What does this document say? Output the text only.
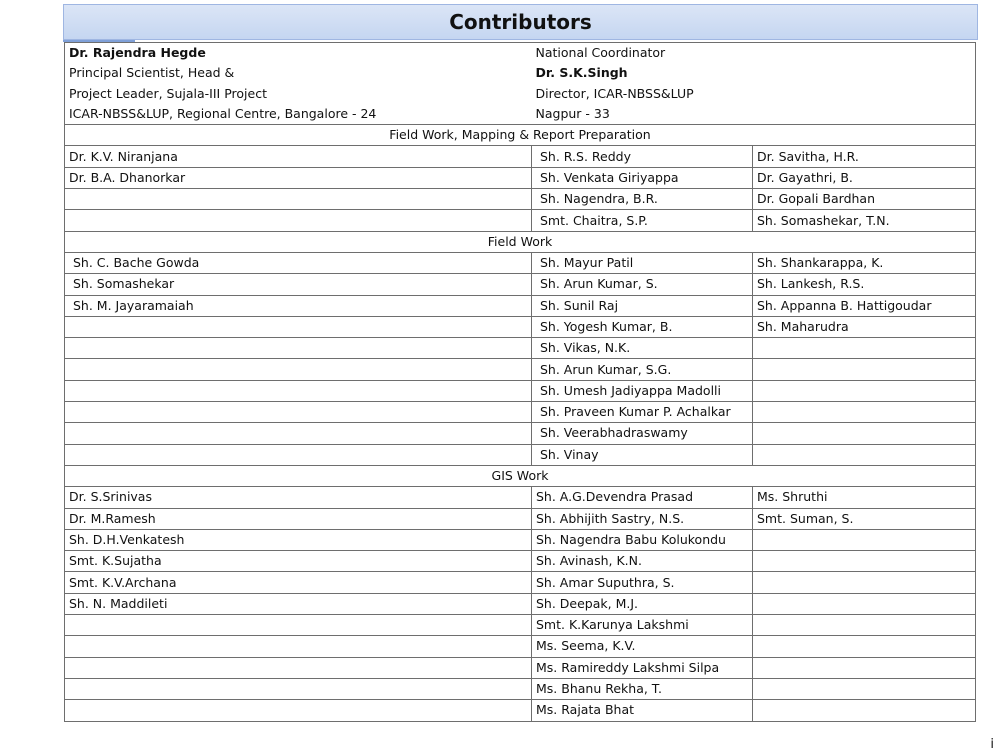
Contributors
Dr. Rajendra Hegde	National Coordinator	
Principal Scientist, Head &	Dr. S.K.Singh	
Project Leader, Sujala-III Project	Director, ICAR-NBSS&LUP	
ICAR-NBSS&LUP, Regional Centre, Bangalore - 24	Nagpur - 33	
Field Work, Mapping & Report Preparation		
Dr. K.V. Niranjana	Sh. R.S. Reddy	Dr. Savitha, H.R.
Dr. B.A. Dhanorkar	Sh. Venkata Giriyappa	Dr. Gayathri, B.
	Sh. Nagendra, B.R.	Dr. Gopali Bardhan
	Smt. Chaitra, S.P.	Sh. Somashekar, T.N.
Field Work		
Sh. C. Bache Gowda	Sh. Mayur Patil	Sh. Shankarappa, K.
Sh. Somashekar	Sh. Arun Kumar, S.	Sh. Lankesh, R.S.
Sh. M. Jayaramaiah	Sh. Sunil Raj	Sh. Appanna B. Hattigoudar
	Sh. Yogesh Kumar, B.	Sh. Maharudra
	Sh. Vikas, N.K.	
	Sh. Arun Kumar, S.G.	
	Sh. Umesh Jadiyappa Madolli	
	Sh. Praveen Kumar P. Achalkar	
	Sh. Veerabhadraswamy	
	Sh. Vinay	
GIS Work		
Dr. S.Srinivas	Sh. A.G.Devendra Prasad	Ms. Shruthi
Dr. M.Ramesh	Sh. Abhijith Sastry, N.S.	Smt. Suman, S.
Sh. D.H.Venkatesh	Sh. Nagendra Babu Kolukondu	
Smt. K.Sujatha	Sh. Avinash, K.N.	
Smt. K.V.Archana	Sh. Amar Suputhra, S.	
Sh. N. Maddileti	Sh. Deepak, M.J.	
	Smt. K.Karunya Lakshmi	
	Ms. Seema, K.V.	
	Ms. Ramireddy Lakshmi Silpa	
	Ms. Bhanu Rekha, T.	
	Ms. Rajata Bhat	
i
